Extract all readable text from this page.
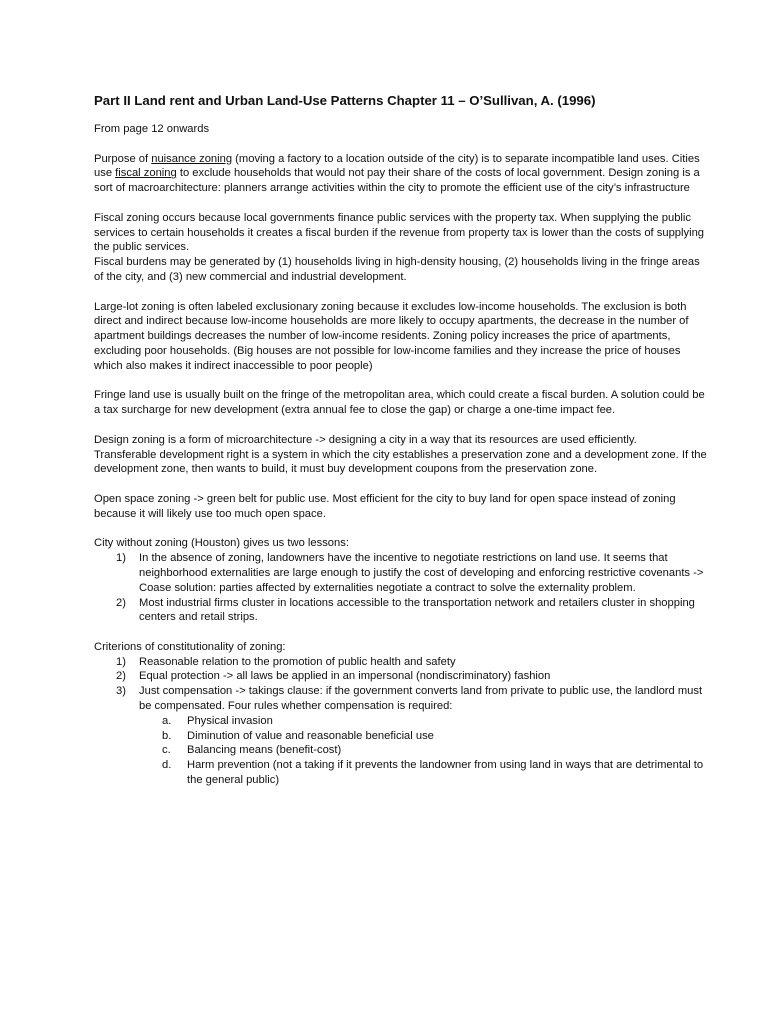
Part II Land rent and Urban Land-Use Patterns Chapter 11 – O’Sullivan, A. (1996)

From page 12 onwards

Purpose of nuisance zoning (moving a factory to a location outside of the city) is to separate incompatible land uses. Cities use fiscal zoning to exclude households that would not pay their share of the costs of local government. Design zoning is a sort of macroarchitecture: planners arrange activities within the city to promote the efficient use of the city’s infrastructure

Fiscal zoning occurs because local governments finance public services with the property tax. When supplying the public services to certain households it creates a fiscal burden if the revenue from property tax is lower than the costs of supplying the public services.

Fiscal burdens may be generated by (1) households living in high-density housing, (2) households living in the fringe areas of the city, and (3) new commercial and industrial development.

Large-lot zoning is often labeled exclusionary zoning because it excludes low-income households. The exclusion is both direct and indirect because low-income households are more likely to occupy apartments, the decrease in the number of apartment buildings decreases the number of low-income residents. Zoning policy increases the price of apartments, excluding poor households. (Big houses are not possible for low-income families and they increase the price of houses which also makes it indirect inaccessible to poor people)

Fringe land use is usually built on the fringe of the metropolitan area, which could create a fiscal burden. A solution could be a tax surcharge for new development (extra annual fee to close the gap) or charge a one-time impact fee.

Design zoning is a form of microarchitecture -> designing a city in a way that its resources are used efficiently.

Transferable development right is a system in which the city establishes a preservation zone and a development zone. If the development zone, then wants to build, it must buy development coupons from the preservation zone.

Open space zoning -> green belt for public use. Most efficient for the city to buy land for open space instead of zoning because it will likely use too much open space.

City without zoning (Houston) gives us two lessons:

1) In the absence of zoning, landowners have the incentive to negotiate restrictions on land use. It seems that neighborhood externalities are large enough to justify the cost of developing and enforcing restrictive covenants -> Coase solution: parties affected by externalities negotiate a contract to solve the externality problem.
2) Most industrial firms cluster in locations accessible to the transportation network and retailers cluster in shopping centers and retail strips.

Criterions of constitutionality of zoning:

1) Reasonable relation to the promotion of public health and safety
2) Equal protection -> all laws be applied in an impersonal (nondiscriminatory) fashion
3) Just compensation -> takings clause: if the government converts land from private to public use, the landlord must be compensated. Four rules whether compensation is required:
a. Physical invasion
b. Diminution of value and reasonable beneficial use
c. Balancing means (benefit-cost)
d. Harm prevention (not a taking if it prevents the landowner from using land in ways that are detrimental to the general public)
